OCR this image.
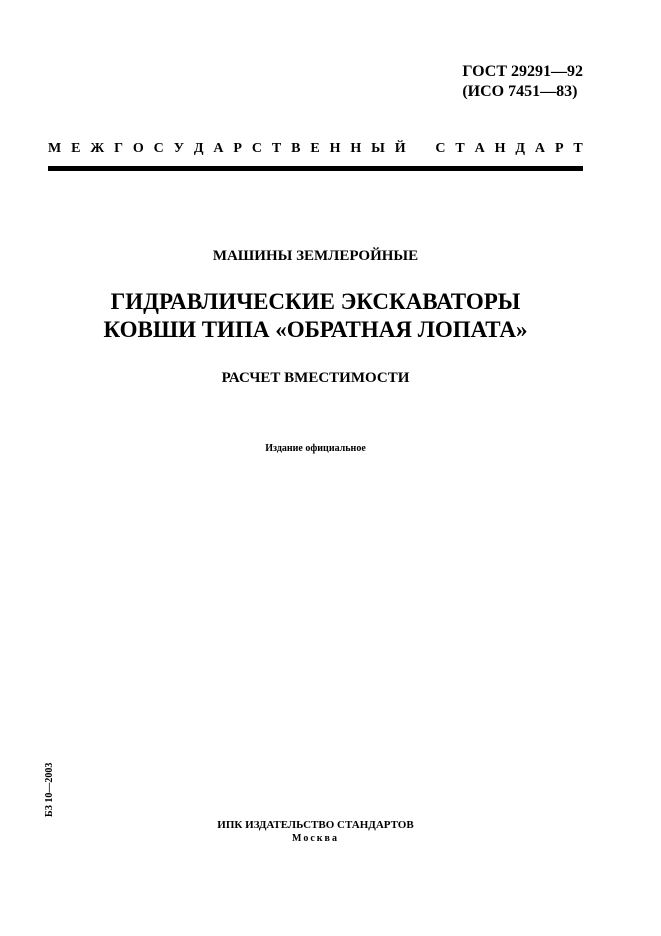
ГОСТ 29291—92
(ИСО 7451—83)
М Е Ж Г О С У Д А Р С Т В Е Н Н Ы Й С Т А Н Д А Р Т
МАШИНЫ ЗЕМЛЕРОЙНЫЕ
ГИДРАВЛИЧЕСКИЕ ЭКСКАВАТОРЫ
КОВШИ ТИПА «ОБРАТНАЯ ЛОПАТА»
РАСЧЕТ ВМЕСТИМОСТИ
Издание официальное
БЗ 10—2003
ИПК ИЗДАТЕЛЬСТВО СТАНДАРТОВ
Москва
